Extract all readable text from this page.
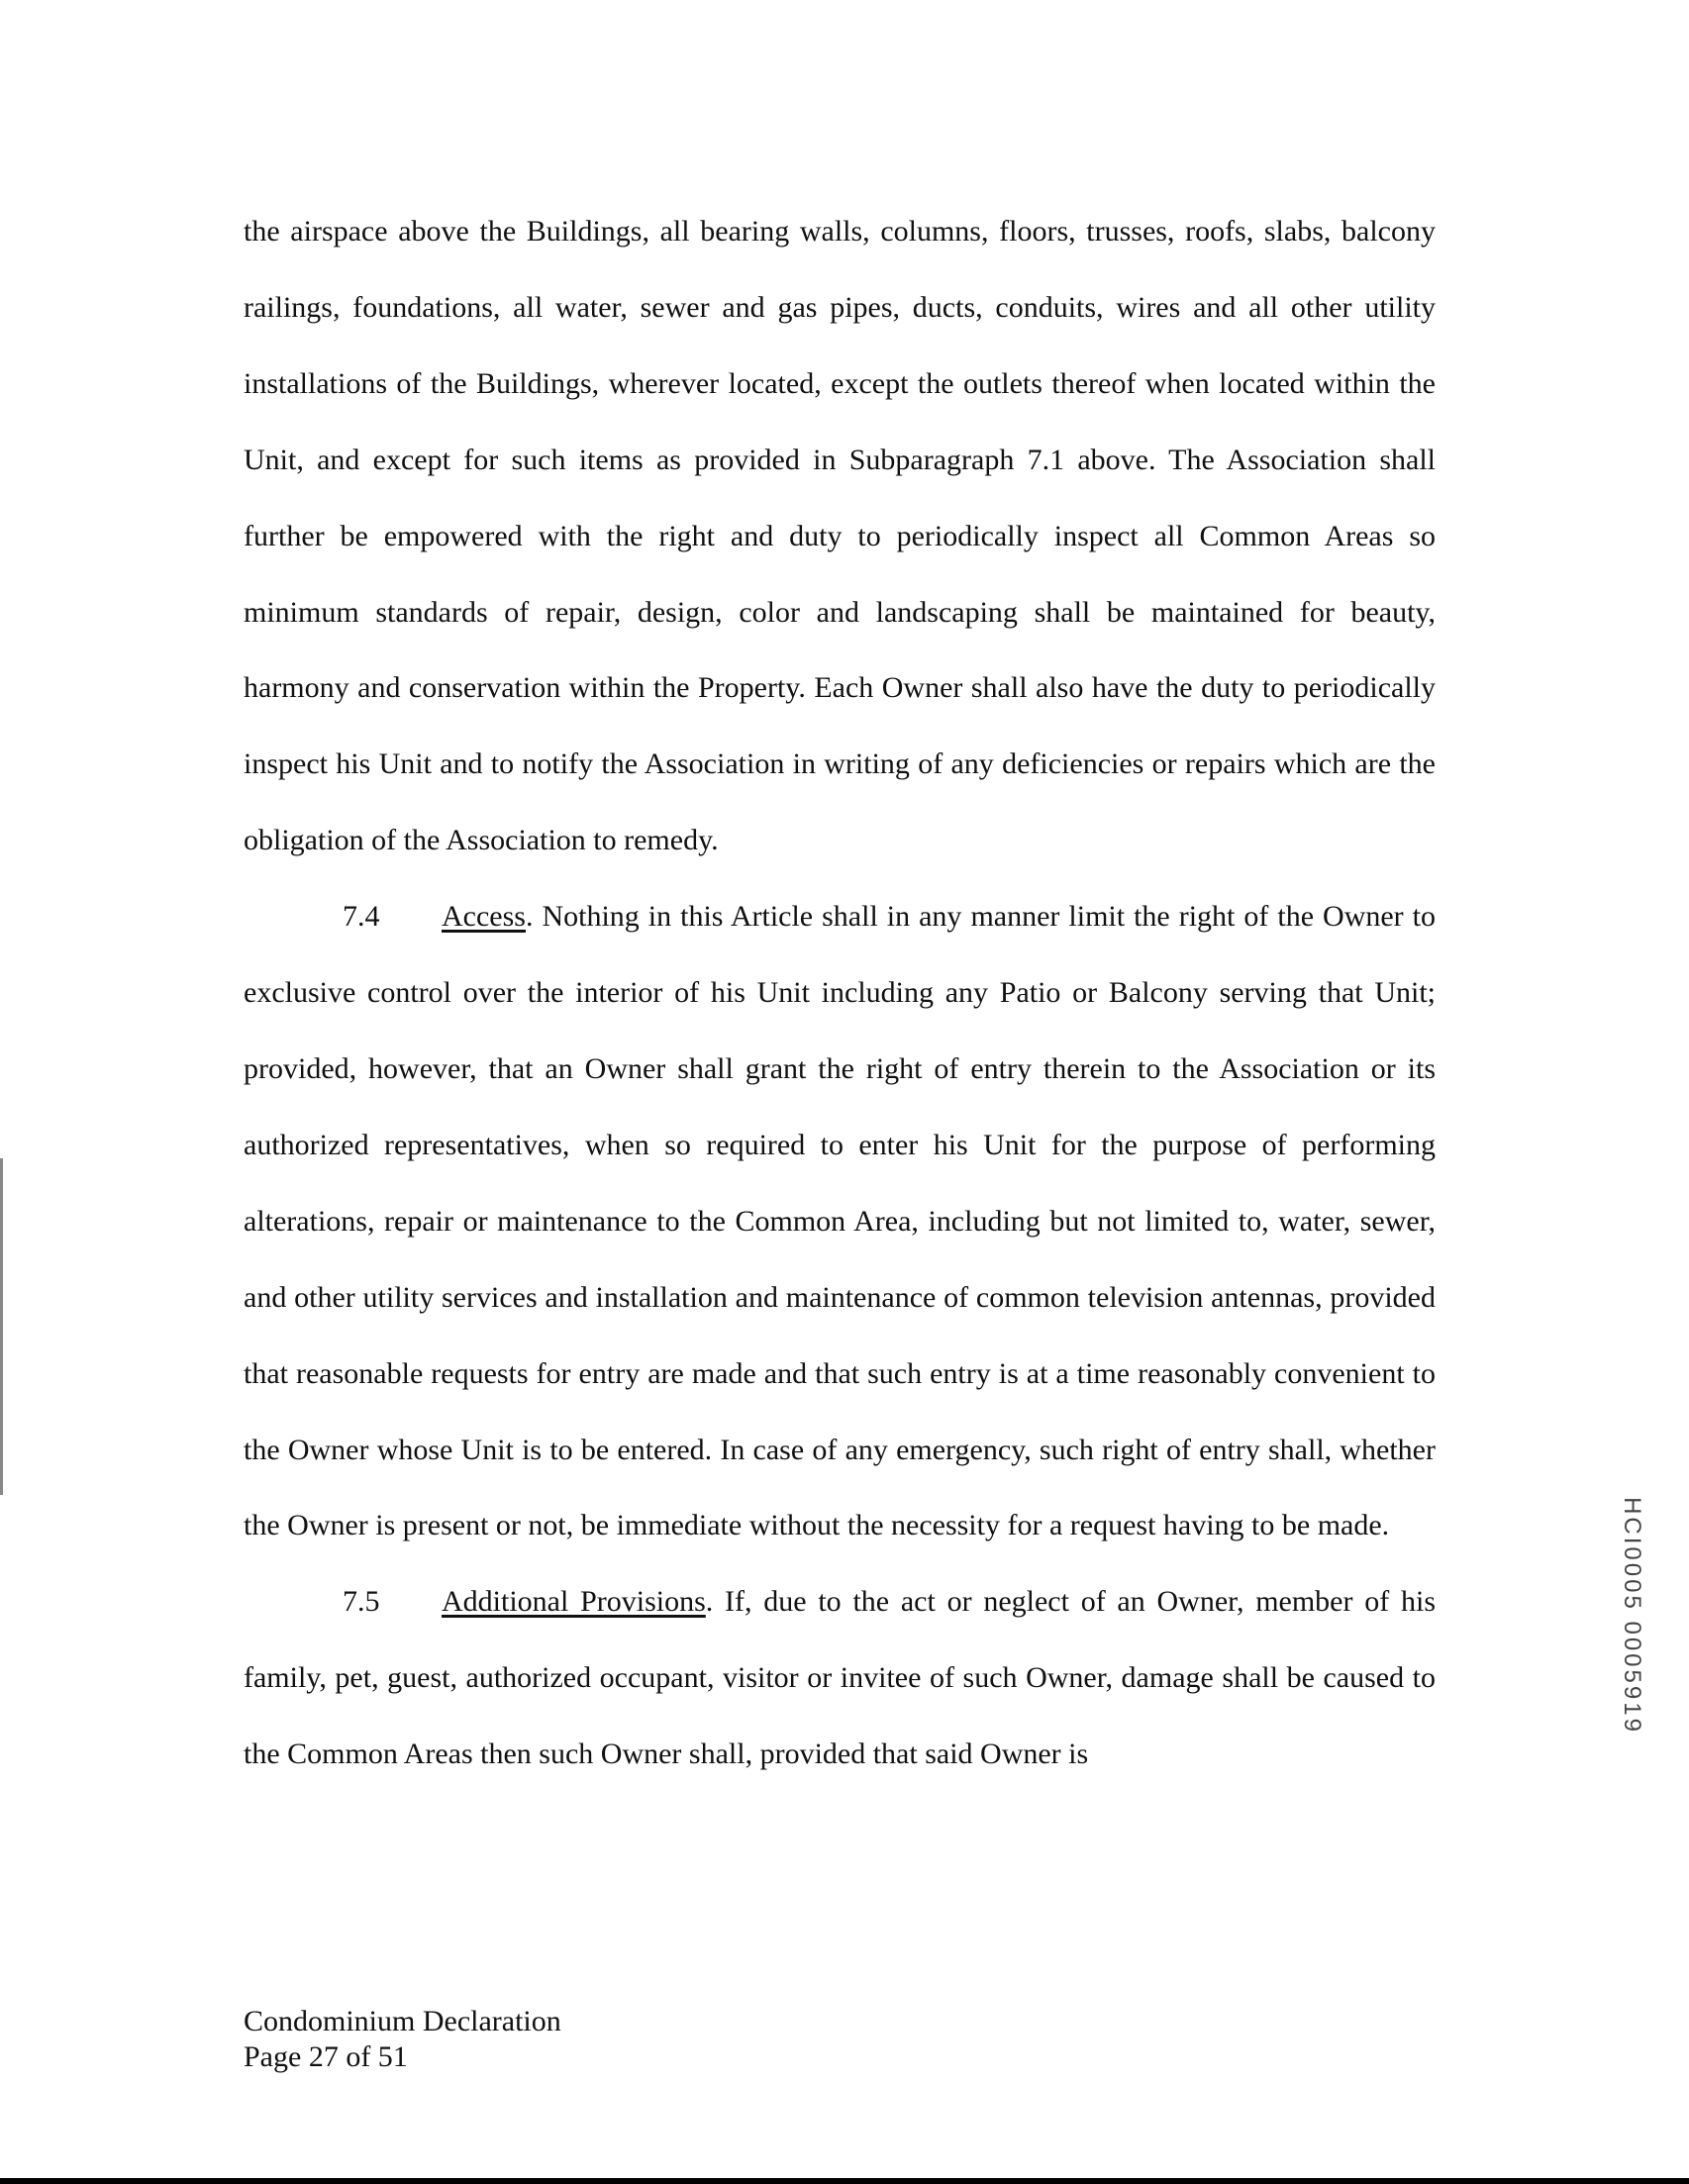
the airspace above the Buildings, all bearing walls, columns, floors, trusses, roofs, slabs, balcony railings, foundations, all water, sewer and gas pipes, ducts, conduits, wires and all other utility installations of the Buildings, wherever located, except the outlets thereof when located within the Unit, and except for such items as provided in Subparagraph 7.1 above. The Association shall further be empowered with the right and duty to periodically inspect all Common Areas so minimum standards of repair, design, color and landscaping shall be maintained for beauty, harmony and conservation within the Property. Each Owner shall also have the duty to periodically inspect his Unit and to notify the Association in writing of any deficiencies or repairs which are the obligation of the Association to remedy.

7.4 Access. Nothing in this Article shall in any manner limit the right of the Owner to exclusive control over the interior of his Unit including any Patio or Balcony serving that Unit; provided, however, that an Owner shall grant the right of entry therein to the Association or its authorized representatives, when so required to enter his Unit for the purpose of performing alterations, repair or maintenance to the Common Area, including but not limited to, water, sewer, and other utility services and installation and maintenance of common television antennas, provided that reasonable requests for entry are made and that such entry is at a time reasonably convenient to the Owner whose Unit is to be entered. In case of any emergency, such right of entry shall, whether the Owner is present or not, be immediate without the necessity for a request having to be made.

7.5 Additional Provisions. If, due to the act or neglect of an Owner, member of his family, pet, guest, authorized occupant, visitor or invitee of such Owner, damage shall be caused to the Common Areas then such Owner shall, provided that said Owner is

Condominium Declaration
Page 27 of 51
HCI0005 0005919
